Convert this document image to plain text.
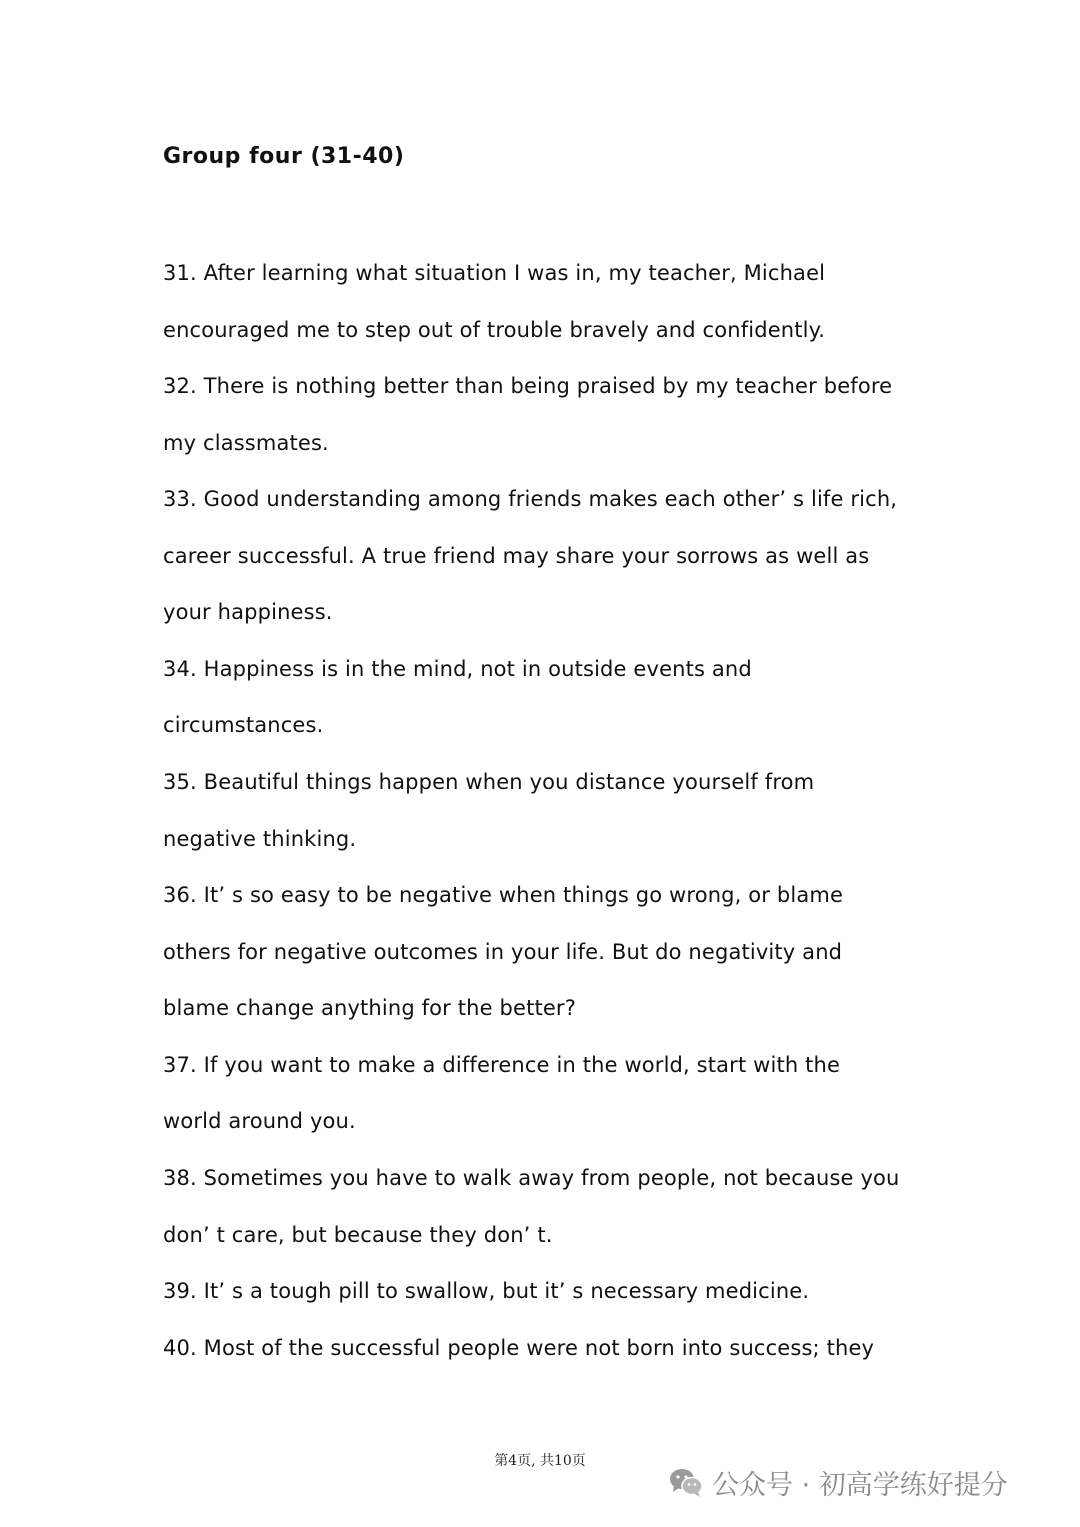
Group four (31-40)
31. After learning what situation I was in, my teacher, Michael
encouraged me to step out of trouble bravely and confidently.
32. There is nothing better than being praised by my teacher before
my classmates.
33. Good understanding among friends makes each other’ s life rich,
career successful. A true friend may share your sorrows as well as
your happiness.
34. Happiness is in the mind, not in outside events and
circumstances.
35. Beautiful things happen when you distance yourself from
negative thinking.
36. It’ s so easy to be negative when things go wrong, or blame
others for negative outcomes in your life. But do negativity and
blame change anything for the better?
37. If you want to make a difference in the world, start with the
world around you.
38. Sometimes you have to walk away from people, not because you
don’ t care, but because they don’ t.
39. It’ s a tough pill to swallow, but it’ s necessary medicine.
40. Most of the successful people were not born into success; they
第4页, 共10页
公众号 · 初高学练好提分
